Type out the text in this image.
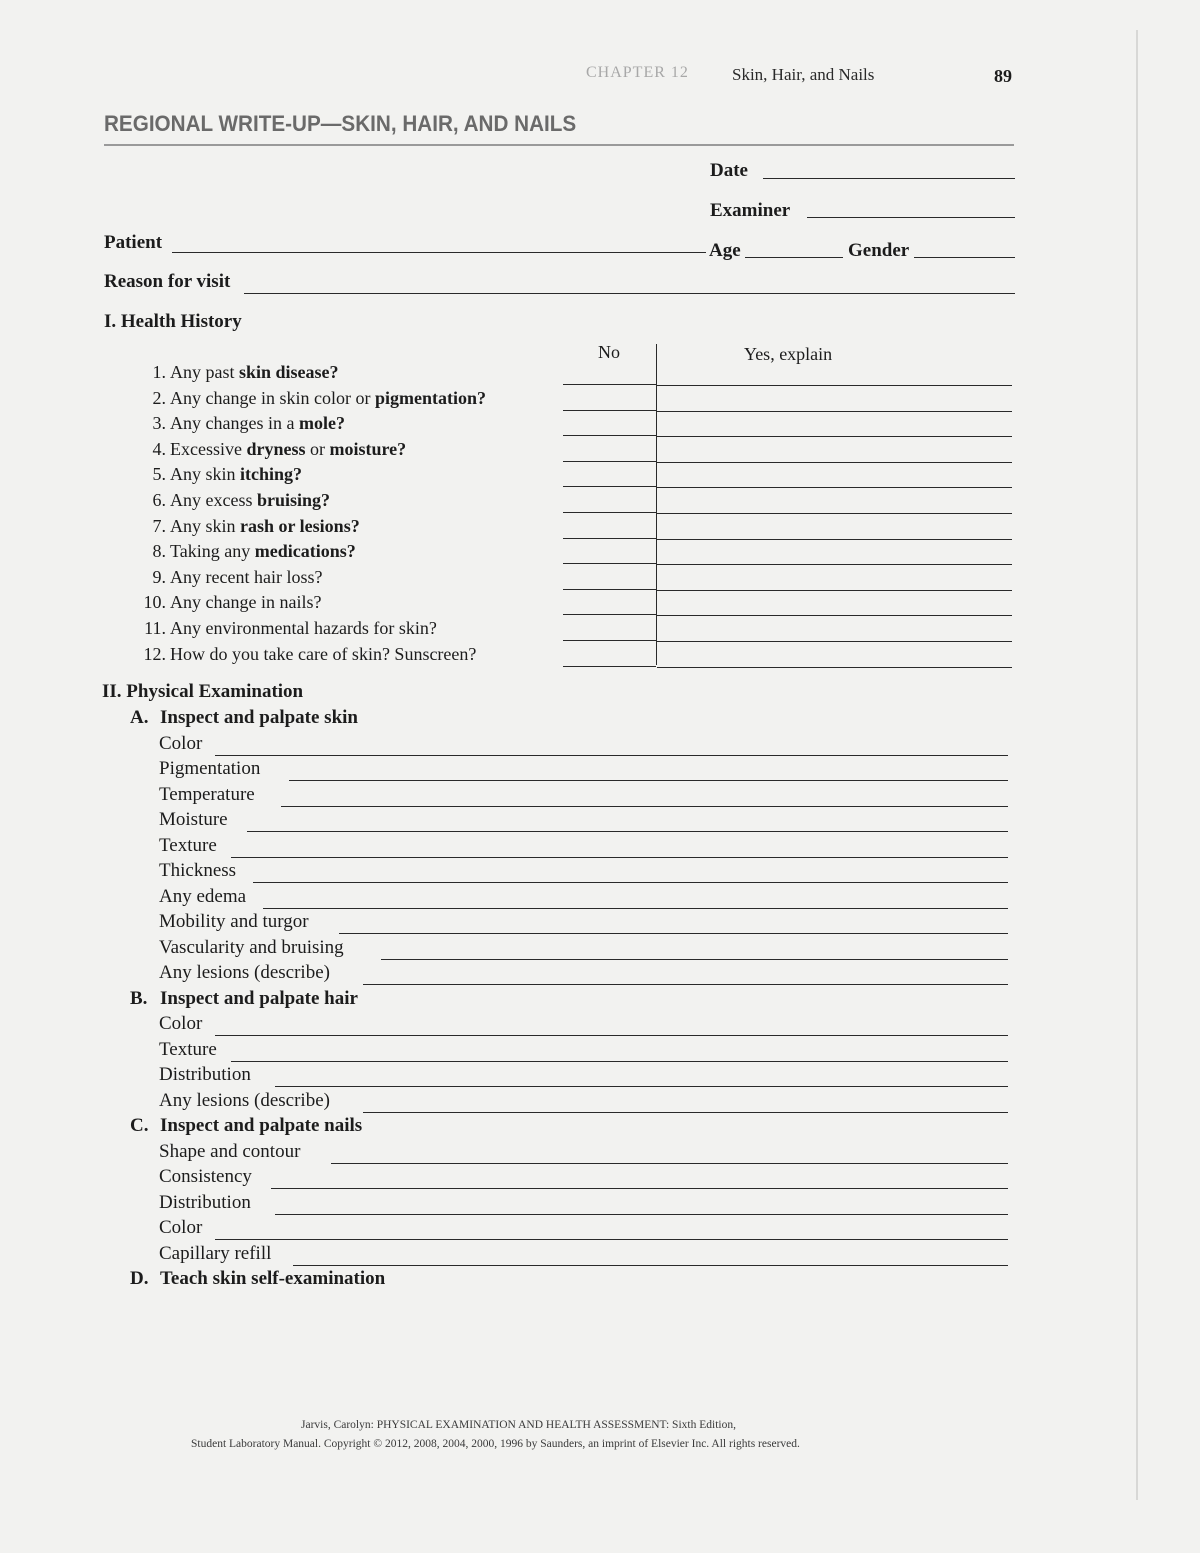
CHAPTER 12	Skin, Hair, and Nails	89
REGIONAL WRITE-UP—SKIN, HAIR, AND NAILS
Date
Examiner
Patient	Age	Gender
Reason for visit
I. Health History
No	Yes, explain
1. Any past skin disease?
2. Any change in skin color or pigmentation?
3. Any changes in a mole?
4. Excessive dryness or moisture?
5. Any skin itching?
6. Any excess bruising?
7. Any skin rash or lesions?
8. Taking any medications?
9. Any recent hair loss?
10. Any change in nails?
11. Any environmental hazards for skin?
12. How do you take care of skin? Sunscreen?
II. Physical Examination
A. Inspect and palpate skin
Color
Pigmentation
Temperature
Moisture
Texture
Thickness
Any edema
Mobility and turgor
Vascularity and bruising
Any lesions (describe)
B. Inspect and palpate hair
Color
Texture
Distribution
Any lesions (describe)
C. Inspect and palpate nails
Shape and contour
Consistency
Distribution
Color
Capillary refill
D. Teach skin self-examination
Jarvis, Carolyn: PHYSICAL EXAMINATION AND HEALTH ASSESSMENT: Sixth Edition,
Student Laboratory Manual. Copyright © 2012, 2008, 2004, 2000, 1996 by Saunders, an imprint of Elsevier Inc. All rights reserved.
